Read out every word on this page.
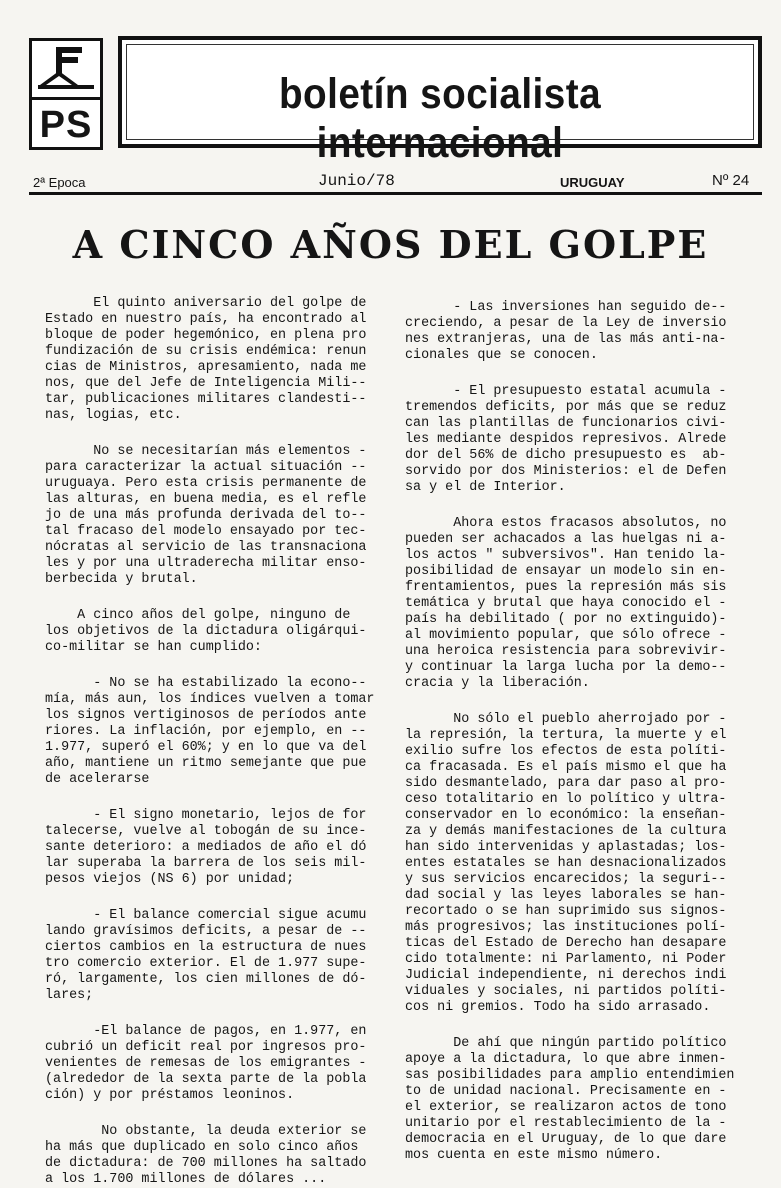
PS
boletín socialista internacional
2ª Epoca	Junio/78	URUGUAY	Nº 24
A CINCO AÑOS DEL GOLPE

El quinto aniversario del golpe de

Estado en nuestro país, ha encontrado al

bloque de poder hegemónico, en plena pro

fundización de su crisis endémica: renun

cias de Ministros, apresamiento, nada me

nos, que del Jefe de Inteligencia Mili--

tar, publicaciones militares clandesti--

nas, logias, etc.

No se necesitarían más elementos -

para caracterizar la actual situación --

uruguaya. Pero esta crisis permanente de

las alturas, en buena media, es el refle

jo de una más profunda derivada del to--

tal fracaso del modelo ensayado por tec-

nócratas al servicio de las transnaciona

les y por una ultraderecha militar enso-

berbecida y brutal.

A cinco años del golpe, ninguno de

los objetivos de la dictadura oligárqui-

co-militar se han cumplido:

- No se ha estabilizado la econo--

mía, más aun, los índices vuelven a tomar

los signos vertiginosos de períodos ante

riores. La inflación, por ejemplo, en --

1.977, superó el 60%; y en lo que va del

año, mantiene un ritmo semejante que pue

de acelerarse

- El signo monetario, lejos de for

talecerse, vuelve al tobogán de su ince-

sante deterioro: a mediados de año el dó

lar superaba la barrera de los seis mil-

pesos viejos (NS 6) por unidad;

- El balance comercial sigue acumu

lando gravísimos deficits, a pesar de --

ciertos cambios en la estructura de nues

tro comercio exterior. El de 1.977 supe-

ró, largamente, los cien millones de dó-

lares;

-El balance de pagos, en 1.977, en

cubrió un deficit real por ingresos pro-

venientes de remesas de los emigrantes -

(alrededor de la sexta parte de la pobla

ción) y por préstamos leoninos.

No obstante, la deuda exterior se

ha más que duplicado en solo cinco años

de dictadura: de 700 millones ha saltado

a los 1.700 millones de dólares ...

- Las inversiones han seguido de--

creciendo, a pesar de la Ley de inversio

nes extranjeras, una de las más anti-na-

cionales que se conocen.

- El presupuesto estatal acumula -

tremendos deficits, por más que se reduz

can las plantillas de funcionarios civi-

les mediante despidos represivos. Alrede

dor del 56% de dicho presupuesto es  ab-

sorvido por dos Ministerios: el de Defen

sa y el de Interior.

Ahora estos fracasos absolutos, no

pueden ser achacados a las huelgas ni a-

los actos " subversivos". Han tenido la-

posibilidad de ensayar un modelo sin en-

frentamientos, pues la represión más sis

temática y brutal que haya conocido el -

país ha debilitado ( por no extinguido)-

al movimiento popular, que sólo ofrece -

una heroica resistencia para sobrevivir-

y continuar la larga lucha por la demo--

cracia y la liberación.

No sólo el pueblo aherrojado por -

la represión, la tertura, la muerte y el

exilio sufre los efectos de esta políti-

ca fracasada. Es el país mismo el que ha

sido desmantelado, para dar paso al pro-

ceso totalitario en lo político y ultra-

conservador en lo económico: la enseñan-

za y demás manifestaciones de la cultura

han sido intervenidas y aplastadas; los-

entes estatales se han desnacionalizados

y sus servicios encarecidos; la seguri--

dad social y las leyes laborales se han-

recortado o se han suprimido sus signos-

más progresivos; las instituciones polí-

ticas del Estado de Derecho han desapare

cido totalmente: ni Parlamento, ni Poder

Judicial independiente, ni derechos indi

viduales y sociales, ni partidos políti-

cos ni gremios. Todo ha sido arrasado.

De ahí que ningún partido político

apoye a la dictadura, lo que abre inmen-

sas posibilidades para amplio entendimien

to de unidad nacional. Precisamente en -

el exterior, se realizaron actos de tono

unitario por el restablecimiento de la -

democracia en el Uruguay, de lo que dare

mos cuenta en este mismo número.
